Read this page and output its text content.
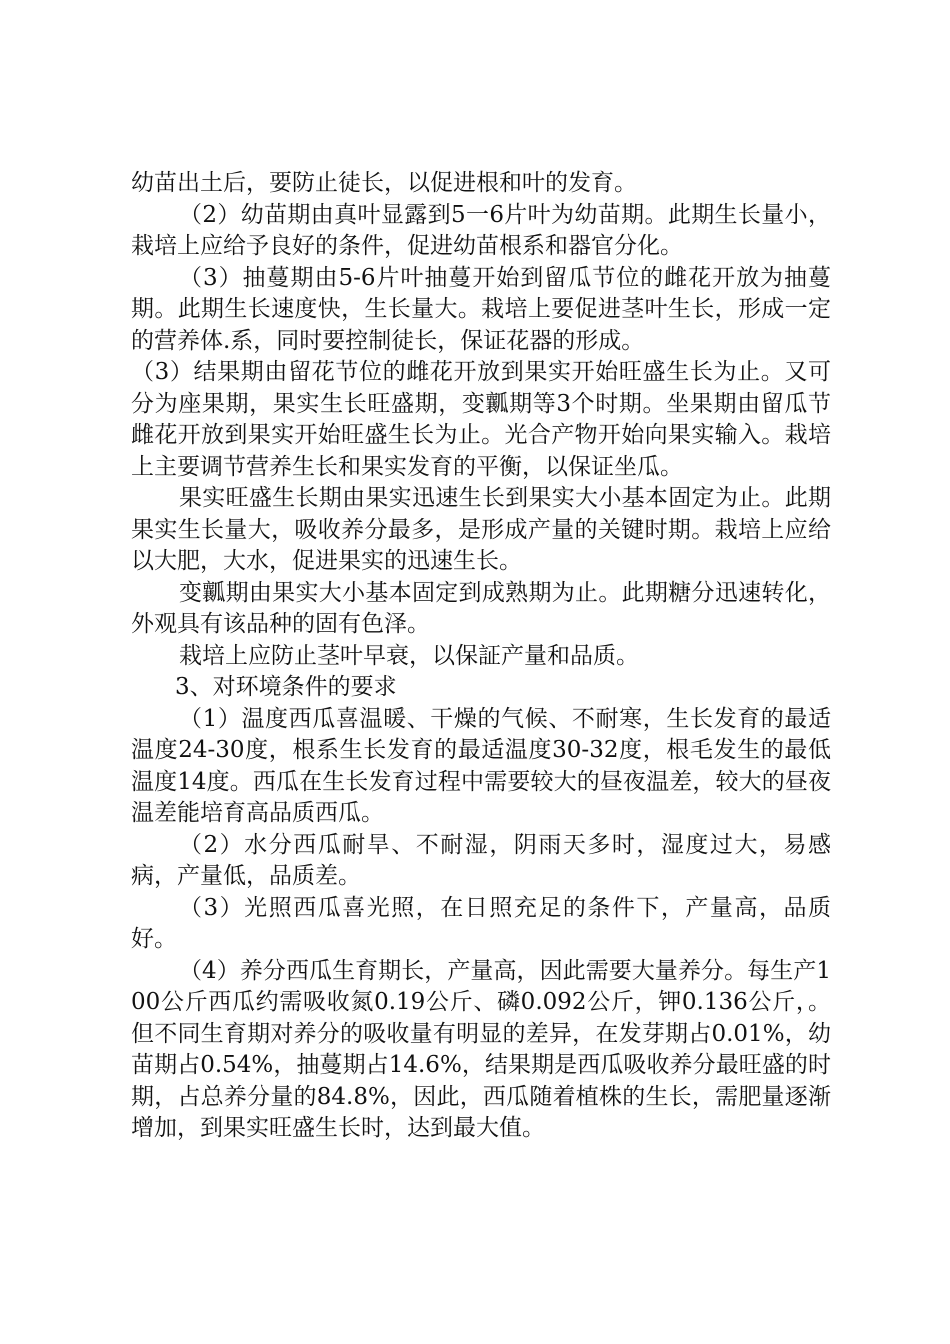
幼苗出土后，要防止徒长，以促进根和叶的发育。

（2）幼苗期由真叶显露到5一6片叶为幼苗期。此期生长量小，栽培上应给予良好的条件，促进幼苗根系和器官分化。

（3）抽蔓期由5-6片叶抽蔓开始到留瓜节位的雌花开放为抽蔓期。此期生长速度快，生长量大。栽培上要促进茎叶生长，形成一定的营养体.系，同时要控制徒长，保证花器的形成。

（3）结果期由留花节位的雌花开放到果实开始旺盛生长为止。又可分为座果期，果实生长旺盛期，变瓤期等3个时期。坐果期由留瓜节雌花开放到果实开始旺盛生长为止。光合产物开始向果实输入。栽培上主要调节营养生长和果实发育的平衡，以保证坐瓜。

果实旺盛生长期由果实迅速生长到果实大小基本固定为止。此期果实生长量大，吸收养分最多，是形成产量的关键时期。栽培上应给以大肥，大水，促进果实的迅速生长。

变瓤期由果实大小基本固定到成熟期为止。此期糖分迅速转化，外观具有该品种的固有色泽。

栽培上应防止茎叶早衰，以保証产量和品质。

3、对环境条件的要求

（1）温度西瓜喜温暖、干燥的气候、不耐寒，生长发育的最适温度24-30度，根系生长发育的最适温度30-32度，根毛发生的最低温度14度。西瓜在生长发育过程中需要较大的昼夜温差，较大的昼夜温差能培育高品质西瓜。

（2）水分西瓜耐旱、不耐湿，阴雨天多时，湿度过大，易感病，产量低，品质差。

（3）光照西瓜喜光照，在日照充足的条件下，产量高，品质好。

（4）养分西瓜生育期长，产量高，因此需要大量养分。每生产100公斤西瓜约需吸收氮0.19公斤、磷0.092公斤，钾0.136公斤，。但不同生育期对养分的吸收量有明显的差异，在发芽期占0.01%，幼苗期占0.54%，抽蔓期占14.6%，结果期是西瓜吸收养分最旺盛的时期，占总养分量的84.8%，因此，西瓜随着植株的生长，需肥量逐渐增加，到果实旺盛生长时，达到最大值。
